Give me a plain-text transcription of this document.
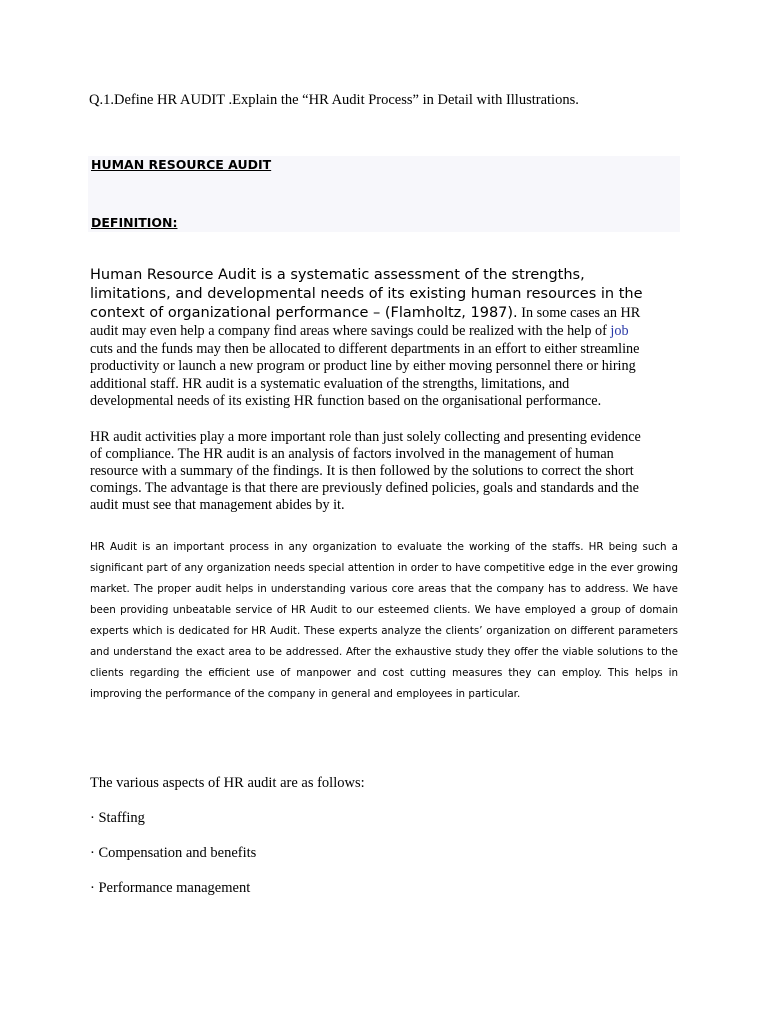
Q.1.Define HR AUDIT .Explain the “HR Audit Process” in Detail with Illustrations.
HUMAN RESOURCE AUDIT
DEFINITION:
Human Resource Audit is a systematic assessment of the strengths,
limitations, and developmental needs of its existing human resources in the
context of organizational performance – (Flamholtz, 1987). In some cases an HR
audit may even help a company find areas where savings could be realized with the help of job
cuts and the funds may then be allocated to different departments in an effort to either streamline
productivity or launch a new program or product line by either moving personnel there or hiring
additional staff. HR audit is a systematic evaluation of the strengths, limitations, and
developmental needs of its existing HR function based on the organisational performance.
HR audit activities play a more important role than just solely collecting and presenting evidence
of compliance. The HR audit is an analysis of factors involved in the management of human
resource with a summary of the findings. It is then followed by the solutions to correct the short
comings. The advantage is that there are previously defined policies, goals and standards and the
audit must see that management abides by it.
HR Audit is an important process in any organization to evaluate the working of the staffs. HR being such a significant part of any organization needs special attention in order to have competitive edge in the ever growing market. The proper audit helps in understanding various core areas that the company has to address. We have been providing unbeatable service of HR Audit to our esteemed clients. We have employed a group of domain experts which is dedicated for HR Audit. These experts analyze the clients’ organization on different parameters and understand the exact area to be addressed. After the exhaustive study they offer the viable solutions to the clients regarding the efficient use of manpower and cost cutting measures they can employ. This helps in improving the performance of the company in general and employees in particular.
The various aspects of HR audit are as follows:
· Staffing
· Compensation and benefits
· Performance management
